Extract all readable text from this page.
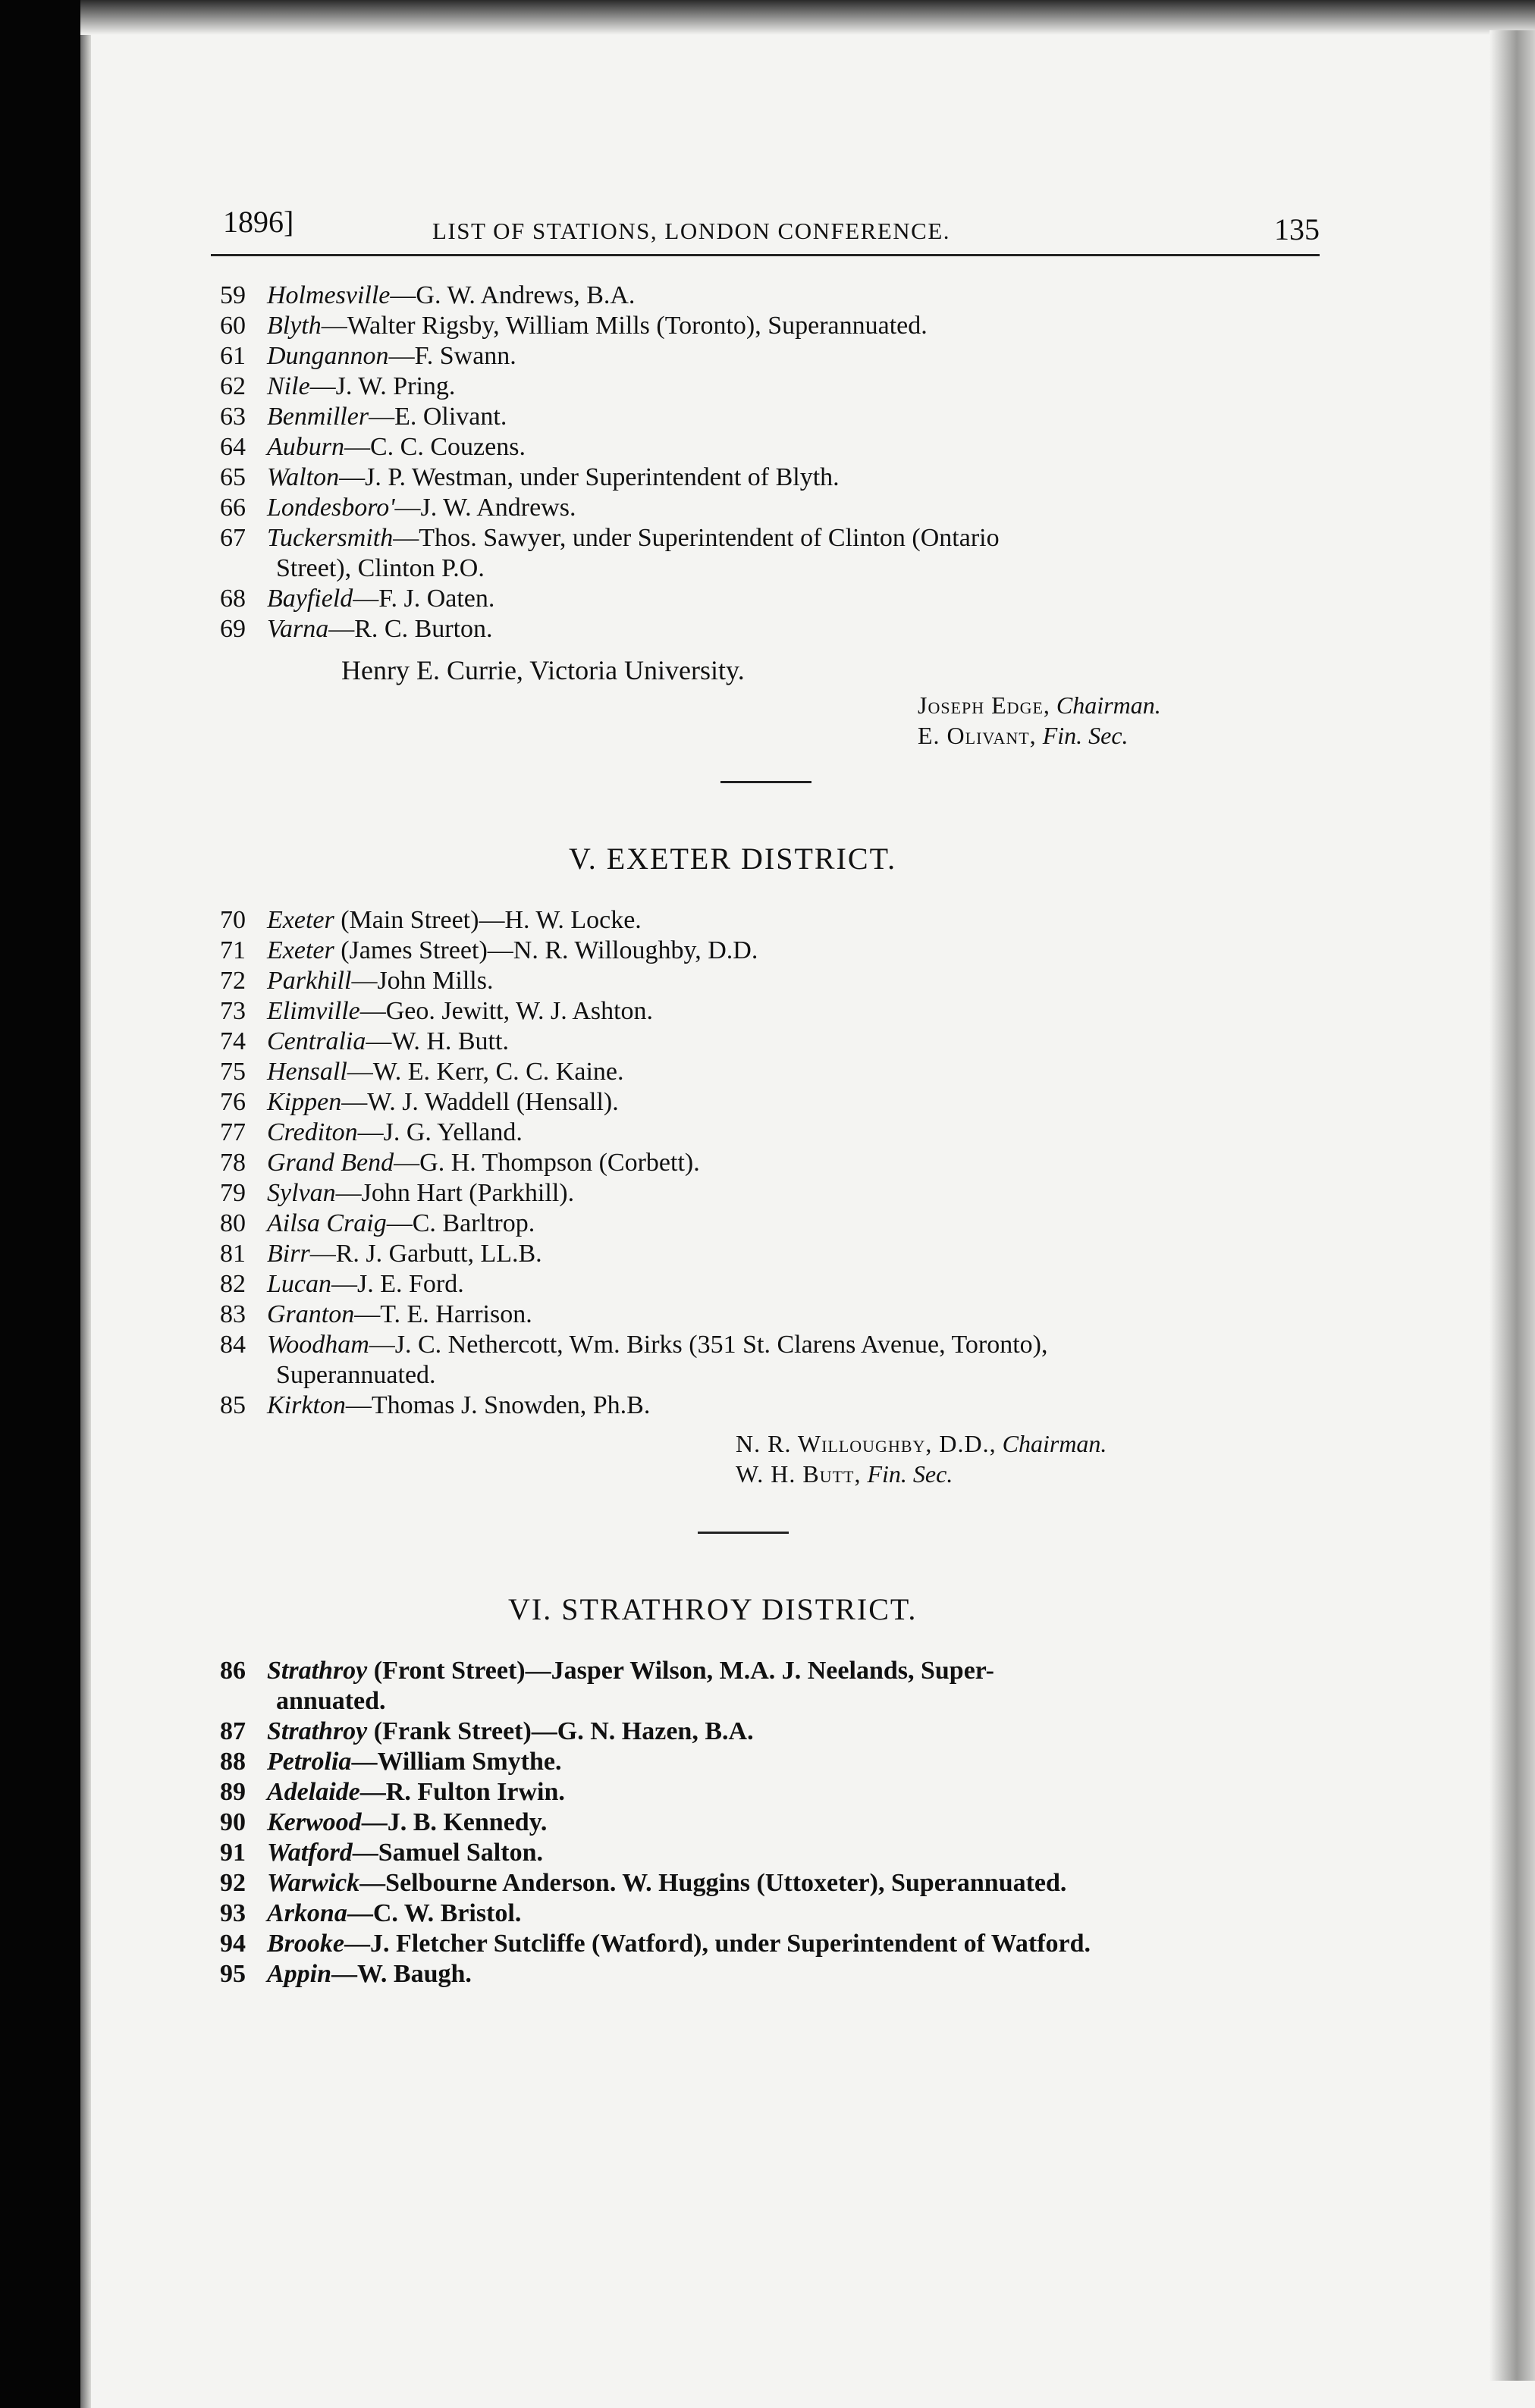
1896]	LIST OF STATIONS, LONDON CONFERENCE.	135
59 Holmesville—G. W. Andrews, B.A.
60 Blyth—Walter Rigsby, William Mills (Toronto), Superannuated.
61 Dungannon—F. Swann.
62 Nile—J. W. Pring.
63 Benmiller—E. Olivant.
64 Auburn—C. C. Couzens.
65 Walton—J. P. Westman, under Superintendent of Blyth.
66 Londesboro'—J. W. Andrews.
67 Tuckersmith—Thos. Sawyer, under Superintendent of Clinton (Ontario
Street), Clinton P.O.
68 Bayfield—F. J. Oaten.
69 Varna—R. C. Burton.
Henry E. Currie, Victoria University.
Joseph Edge, Chairman.
E. Olivant, Fin. Sec.
V. EXETER DISTRICT.
70 Exeter (Main Street)—H. W. Locke.
71 Exeter (James Street)—N. R. Willoughby, D.D.
72 Parkhill—John Mills.
73 Elimville—Geo. Jewitt, W. J. Ashton.
74 Centralia—W. H. Butt.
75 Hensall—W. E. Kerr, C. C. Kaine.
76 Kippen—W. J. Waddell (Hensall).
77 Crediton—J. G. Yelland.
78 Grand Bend—G. H. Thompson (Corbett).
79 Sylvan—John Hart (Parkhill).
80 Ailsa Craig—C. Barltrop.
81 Birr—R. J. Garbutt, LL.B.
82 Lucan—J. E. Ford.
83 Granton—T. E. Harrison.
84 Woodham—J. C. Nethercott, Wm. Birks (351 St. Clarens Avenue, Toronto),
Superannuated.
85 Kirkton—Thomas J. Snowden, Ph.B.
N. R. Willoughby, D.D., Chairman.
W. H. Butt, Fin. Sec.
VI. STRATHROY DISTRICT.
86 Strathroy (Front Street)—Jasper Wilson, M.A. J. Neelands, Super-
annuated.
87 Strathroy (Frank Street)—G. N. Hazen, B.A.
88 Petrolia—William Smythe.
89 Adelaide—R. Fulton Irwin.
90 Kerwood—J. B. Kennedy.
91 Watford—Samuel Salton.
92 Warwick—Selbourne Anderson. W. Huggins (Uttoxeter), Superannuated.
93 Arkona—C. W. Bristol.
94 Brooke—J. Fletcher Sutcliffe (Watford), under Superintendent of Watford.
95 Appin—W. Baugh.
